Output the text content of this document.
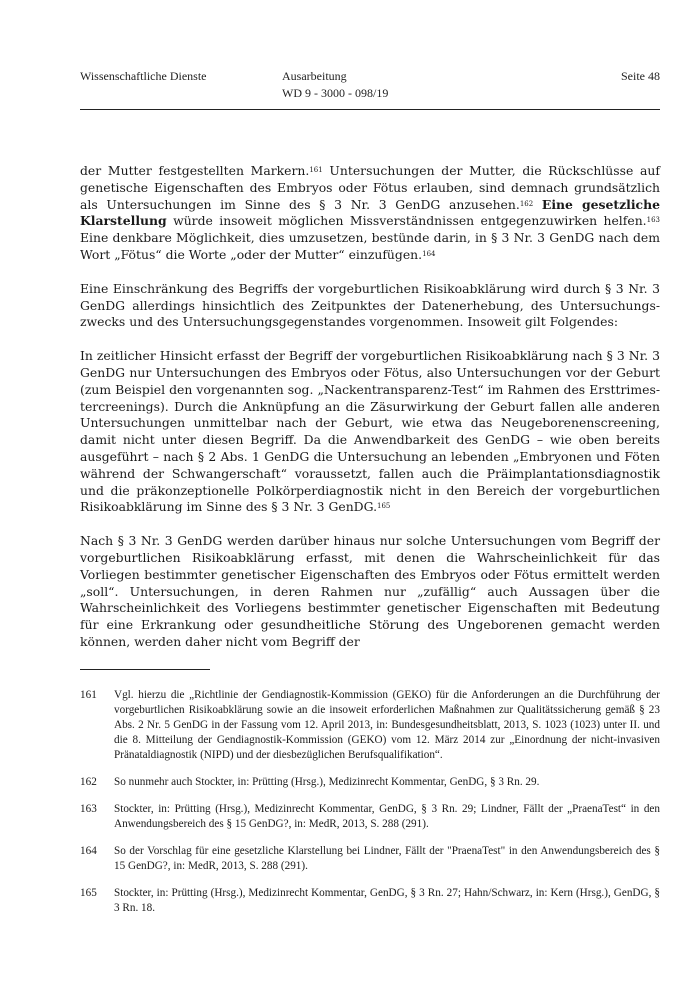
Wissenschaftliche Dienste	Ausarbeitung
WD 9 - 3000 - 098/19
Seite 48

der Mutter festgestellten Markern.$^{161}$ Untersuchungen der Mutter, die Rückschlüsse auf genetische Eigenschaften des Embryos oder Fötus erlauben, sind demnach grundsätzlich als Untersuchungen im Sinne des § 3 Nr. 3 GenDG anzusehen.$^{162}$ Eine gesetzliche Klarstellung würde insoweit möglichen Missverständnissen entgegenzuwirken helfen.$^{163}$ Eine denkbare Möglichkeit, dies umzusetzen, bestünde darin, in § 3 Nr. 3 GenDG nach dem Wort „Fötus“ die Worte „oder der Mutter“ einzufügen.$^{164}$

Eine Einschränkung des Begriffs der vorgeburtlichen Risikoabklärung wird durch § 3 Nr. 3 GenDG allerdings hinsichtlich des Zeitpunktes der Datenerhebung, des Untersuchungszwecks und des Untersuchungsgegenstandes vorgenommen. Insoweit gilt Folgendes:

In zeitlicher Hinsicht erfasst der Begriff der vorgeburtlichen Risikoabklärung nach § 3 Nr. 3 GenDG nur Untersuchungen des Embryos oder Fötus, also Untersuchungen vor der Geburt (zum Beispiel den vorgenannten sog. „Nackentransparenz-Test“ im Rahmen des Ersttrimestercreenings). Durch die Anknüpfung an die Zäsurwirkung der Geburt fallen alle anderen Untersuchungen unmittelbar nach der Geburt, wie etwa das Neugeborenenscreening, damit nicht unter diesen Begriff. Da die Anwendbarkeit des GenDG – wie oben bereits ausgeführt – nach § 2 Abs. 1 GenDG die Untersuchung an lebenden „Embryonen und Föten während der Schwangerschaft“ voraussetzt, fallen auch die Präimplantationsdiagnostik und die präkonzeptionelle Polkörperdiagnostik nicht in den Bereich der vorgeburtlichen Risikoabklärung im Sinne des § 3 Nr. 3 GenDG.$^{165}$

Nach § 3 Nr. 3 GenDG werden darüber hinaus nur solche Untersuchungen vom Begriff der vorgeburtlichen Risikoabklärung erfasst, mit denen die Wahrscheinlichkeit für das Vorliegen bestimmter genetischer Eigenschaften des Embryos oder Fötus ermittelt werden „soll“. Untersuchungen, in deren Rahmen nur „zufällig“ auch Aussagen über die Wahrscheinlichkeit des Vorliegens bestimmter genetischer Eigenschaften mit Bedeutung für eine Erkrankung oder gesundheitliche Störung des Ungeborenen gemacht werden können, werden daher nicht vom Begriff der

161	Vgl. hierzu die „Richtlinie der Gendiagnostik-Kommission (GEKO) für die Anforderungen an die Durchführung der vorgeburtlichen Risikoabklärung sowie an die insoweit erforderlichen Maßnahmen zur Qualitätssicherung gemäß § 23 Abs. 2 Nr. 5 GenDG in der Fassung vom 12. April 2013, in: Bundesgesundheitsblatt, 2013, S. 1023 (1023) unter II. und die 8. Mitteilung der Gendiagnostik-Kommission (GEKO) vom 12. März 2014 zur „Einordnung der nicht-invasiven Pränataldiagnostik (NIPD) und der diesbezüglichen Berufsqualifikation“.
162	So nunmehr auch Stockter, in: Prütting (Hrsg.), Medizinrecht Kommentar, GenDG, § 3 Rn. 29.
163	Stockter, in: Prütting (Hrsg.), Medizinrecht Kommentar, GenDG, § 3 Rn. 29; Lindner, Fällt der „PraenaTest“ in den Anwendungsbereich des § 15 GenDG?, in: MedR, 2013, S. 288 (291).
164	So der Vorschlag für eine gesetzliche Klarstellung bei Lindner, Fällt der "PraenaTest" in den Anwendungsbereich des § 15 GenDG?, in: MedR, 2013, S. 288 (291).
165	Stockter, in: Prütting (Hrsg.), Medizinrecht Kommentar, GenDG, § 3 Rn. 27; Hahn/Schwarz, in: Kern (Hrsg.), GenDG, § 3 Rn. 18.
